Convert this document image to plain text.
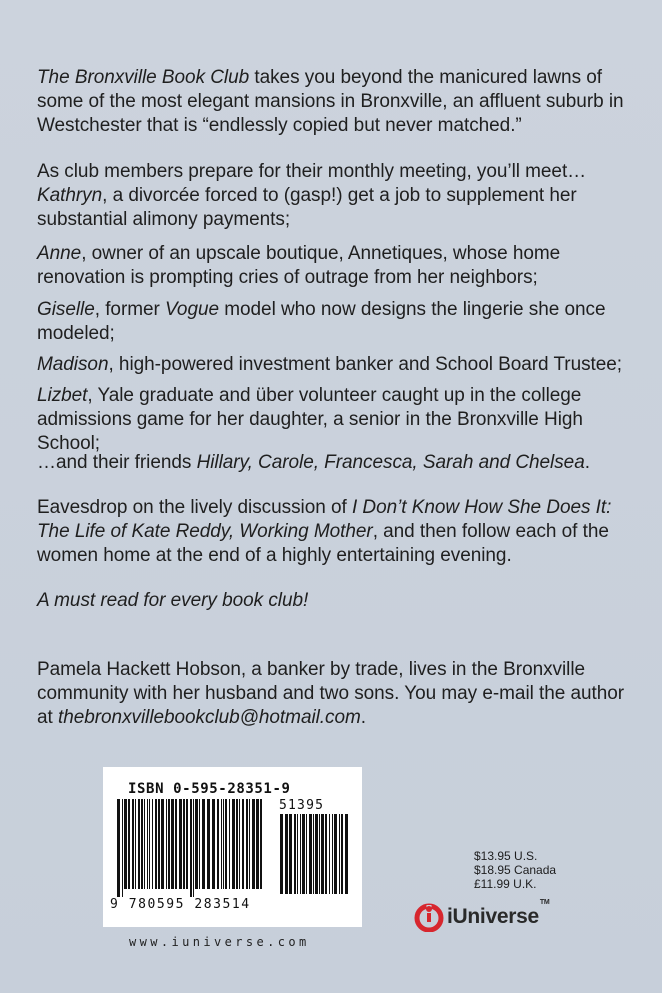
The Bronxville Book Club takes you beyond the manicured lawns of some of the most elegant mansions in Bronxville, an affluent suburb in Westchester that is “endlessly copied but never matched.”

As club members prepare for their monthly meeting, you’ll meet…

Kathryn, a divorcée forced to (gasp!) get a job to supplement her substantial alimony payments;

Anne, owner of an upscale boutique, Annetiques, whose home renovation is prompting cries of outrage from her neighbors;

Giselle, former Vogue model who now designs the lingerie she once modeled;

Madison, high-powered investment banker and School Board Trustee;

Lizbet, Yale graduate and über volunteer caught up in the college admissions game for her daughter, a senior in the Bronxville High School;

…and their friends Hillary, Carole, Francesca, Sarah and Chelsea.

Eavesdrop on the lively discussion of I Don’t Know How She Does It: The Life of Kate Reddy, Working Mother, and then follow each of the women home at the end of a highly entertaining evening.

A must read for every book club!

Pamela Hackett Hobson, a banker by trade, lives in the Bronxville community with her husband and two sons. You may e-mail the author at thebronxvillebookclub@hotmail.com.

ISBN 0-595-28351-9
51395
9 780595 283514
www.iuniverse.com
$13.95 U.S.
$18.95 Canada
£11.99 U.K.
iUniverse™
